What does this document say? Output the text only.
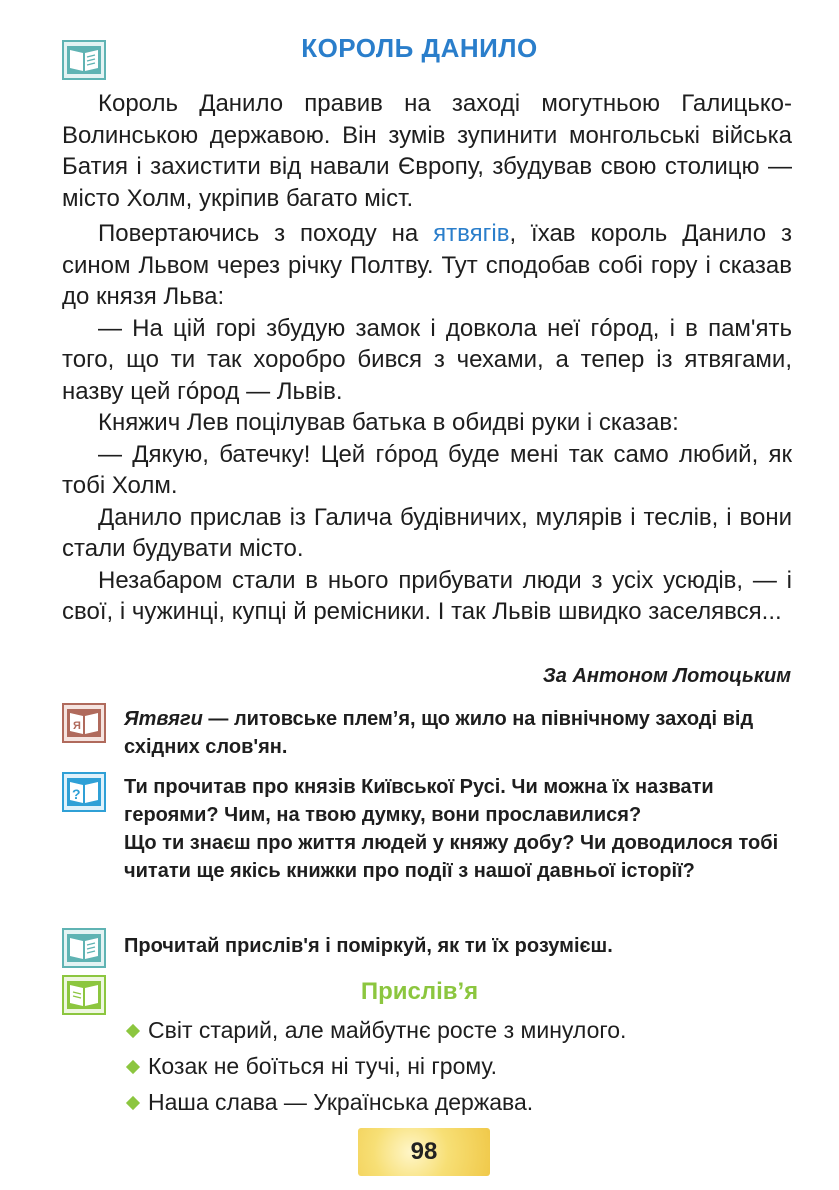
КОРОЛЬ ДАНИЛО

Король Данило правив на заході могутньою Галицько-Волинською державою. Він зумів зупинити монгольські війська Батия і захистити від навали Європу, збудував свою столицю — місто Холм, укріпив багато міст.

Повертаючись з походу на ятвягів, їхав король Данило з сином Львом через річку Полтву. Тут сподобав собі гору і сказав до князя Льва:

— На цій горі збудую замок і довкола неї гóрод, і в пам'ять того, що ти так хоробро бився з чехами, а тепер із ятвягами, назву цей гóрод — Львів.

Княжич Лев поцілував батька в обидві руки і сказав:

— Дякую, батечку! Цей гóрод буде мені так само любий, як тобі Холм.

Данило прислав із Галича будівничих, мулярів і теслів, і вони стали будувати місто.

Незабаром стали в нього прибувати люди з усіх усюдів, — і свої, і чужинці, купці й ремісники. І так Львів швидко заселявся...

За Антоном Лотоцьким
Я Ятвяги — литовське плем’я, що жило на північному заході від східних слов'ян.
? Ти прочитав про князів Київської Русі. Чи можна їх назвати героями? Чим, на твою думку, вони прославилися?
Що ти знаєш про життя людей у княжу добу? Чи доводилося тобі читати ще якісь книжки про події з нашої давньої історії?
Прочитай прислів'я і поміркуй, як ти їх розумієш.
Прислів’я
Світ старий, але майбутнє росте з минулого.
Козак не боїться ні тучі, ні грому.
Наша слава — Українська держава.
98
